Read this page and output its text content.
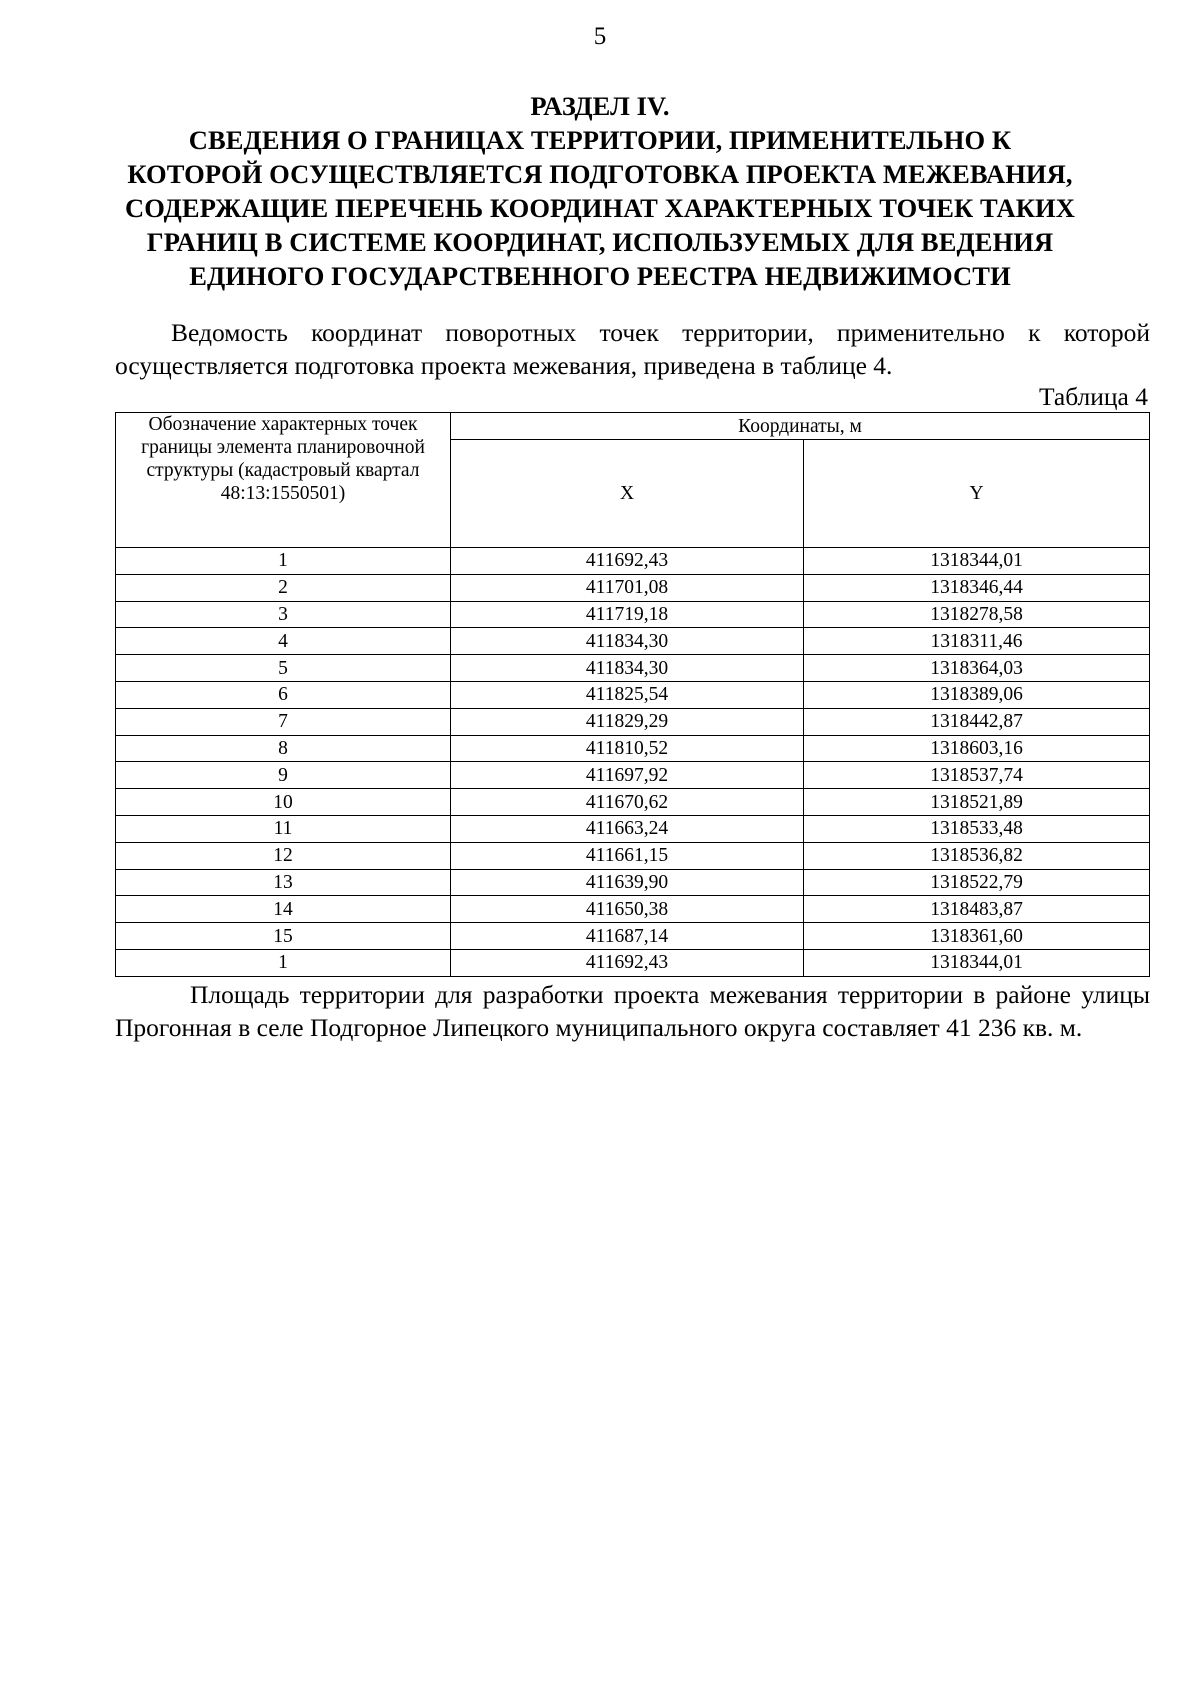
5
РАЗДЕЛ IV.
СВЕДЕНИЯ О ГРАНИЦАХ ТЕРРИТОРИИ, ПРИМЕНИТЕЛЬНО К
КОТОРОЙ ОСУЩЕСТВЛЯЕТСЯ ПОДГОТОВКА ПРОЕКТА МЕЖЕВАНИЯ,
СОДЕРЖАЩИЕ ПЕРЕЧЕНЬ КООРДИНАТ ХАРАКТЕРНЫХ ТОЧЕК ТАКИХ
ГРАНИЦ В СИСТЕМЕ КООРДИНАТ, ИСПОЛЬЗУЕМЫХ ДЛЯ ВЕДЕНИЯ
ЕДИНОГО ГОСУДАРСТВЕННОГО РЕЕСТРА НЕДВИЖИМОСТИ
Ведомость координат поворотных точек территории, применительно к которой осуществляется подготовка проекта межевания, приведена в таблице 4.
Таблица 4
Обозначение характерных точек границы элемента планировочной структуры (кадастровый квартал 48:13:1550501)	Координаты, м	
	X	Y
1	411692,43	1318344,01
2	411701,08	1318346,44
3	411719,18	1318278,58
4	411834,30	1318311,46
5	411834,30	1318364,03
6	411825,54	1318389,06
7	411829,29	1318442,87
8	411810,52	1318603,16
9	411697,92	1318537,74
10	411670,62	1318521,89
11	411663,24	1318533,48
12	411661,15	1318536,82
13	411639,90	1318522,79
14	411650,38	1318483,87
15	411687,14	1318361,60
1	411692,43	1318344,01
Площадь территории для разработки проекта межевания территории в районе улицы Прогонная в селе Подгорное Липецкого муниципального округа составляет 41 236 кв. м.
